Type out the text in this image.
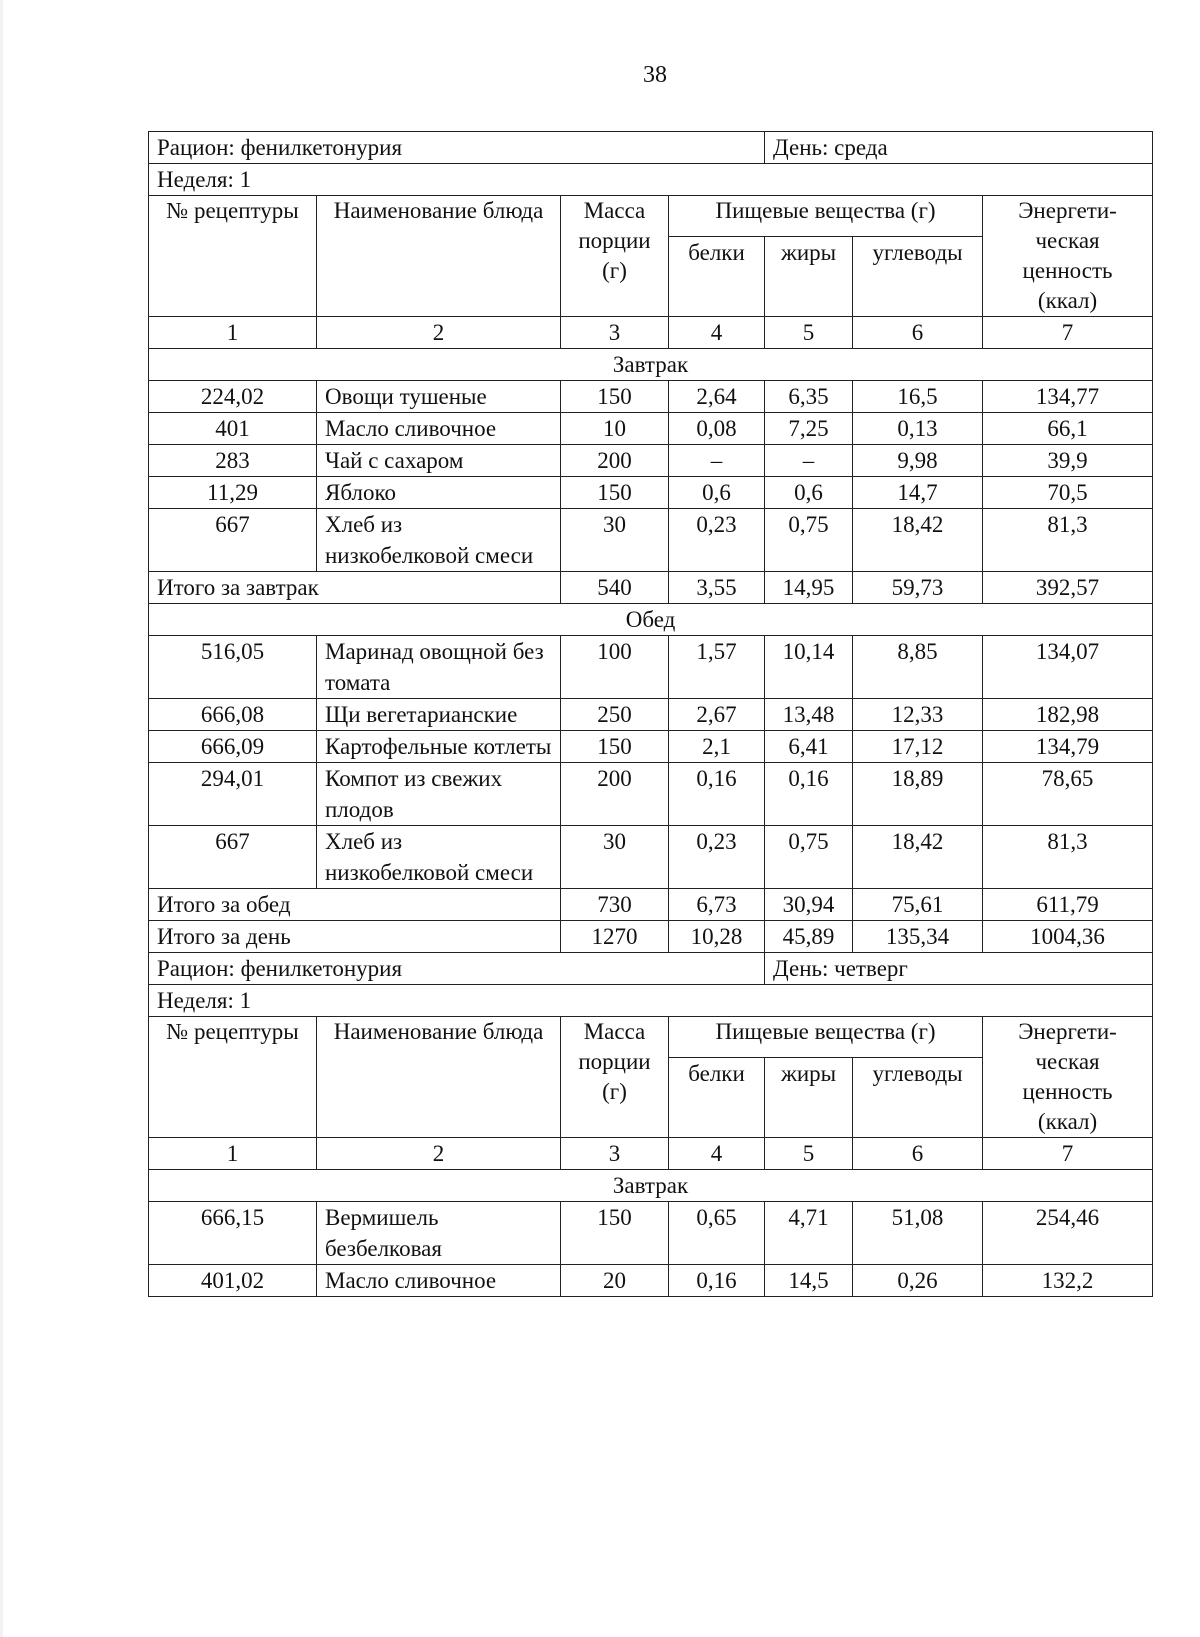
38
Рацион: фенилкетонурия				День: среда		
Неделя: 1						
№ рецептуры	Наименование блюда	Масса порции (г)	Пищевые вещества (г)			Энергети-ческая ценность (ккал)
			белки	жиры	углеводы	
1	2	3	4	5	6	7
Завтрак						
224,02	Овощи тушеные	150	2,64	6,35	16,5	134,77
401	Масло сливочное	10	0,08	7,25	0,13	66,1
283	Чай с сахаром	200	–	–	9,98	39,9
11,29	Яблоко	150	0,6	0,6	14,7	70,5
667	Хлеб из низкобелковой смеси	30	0,23	0,75	18,42	81,3
Итого за завтрак		540	3,55	14,95	59,73	392,57
Обед						
516,05	Маринад овощной без томата	100	1,57	10,14	8,85	134,07
666,08	Щи вегетарианские	250	2,67	13,48	12,33	182,98
666,09	Картофельные котлеты	150	2,1	6,41	17,12	134,79
294,01	Компот из свежих плодов	200	0,16	0,16	18,89	78,65
667	Хлеб из низкобелковой смеси	30	0,23	0,75	18,42	81,3
Итого за обед		730	6,73	30,94	75,61	611,79
Итого за день		1270	10,28	45,89	135,34	1004,36
Рацион: фенилкетонурия				День: четверг		
Неделя: 1						
№ рецептуры	Наименование блюда	Масса порции (г)	Пищевые вещества (г)			Энергети-ческая ценность (ккал)
			белки	жиры	углеводы	
1	2	3	4	5	6	7
Завтрак						
666,15	Вермишель безбелковая	150	0,65	4,71	51,08	254,46
401,02	Масло сливочное	20	0,16	14,5	0,26	132,2
